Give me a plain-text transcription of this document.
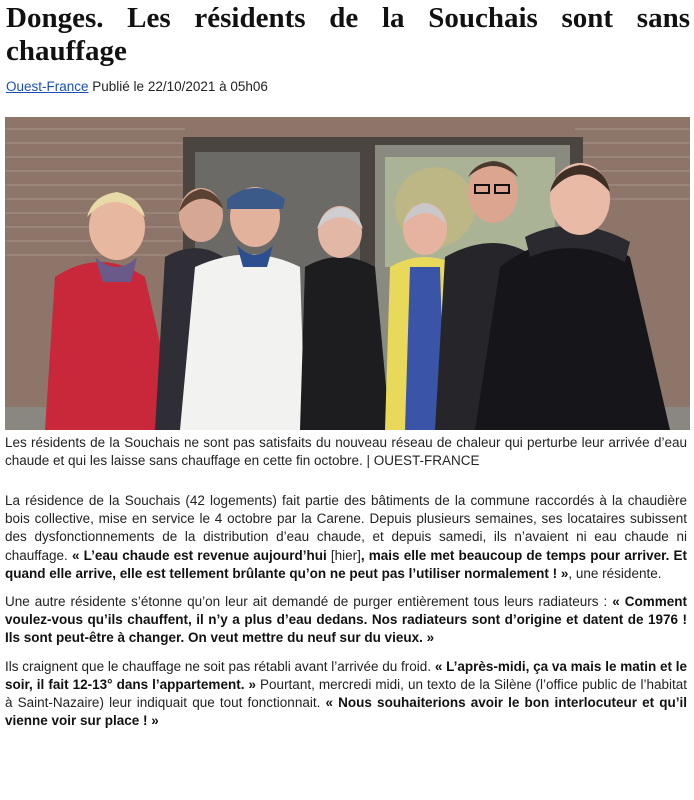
Donges. Les résidents de la Souchais sont sans chauffage

Ouest-France Publié le 22/10/2021 à 05h06

Les résidents de la Souchais ne sont pas satisfaits du nouveau réseau de chaleur qui perturbe leur arrivée d’eau chaude et qui les laisse sans chauffage en cette fin octobre. | OUEST-FRANCE

La résidence de la Souchais (42 logements) fait partie des bâtiments de la commune raccordés à la chaudière bois collective, mise en service le 4 octobre par la Carene. Depuis plusieurs semaines, ses locataires subissent des dysfonctionnements de la distribution d’eau chaude, et depuis samedi, ils n’avaient ni eau chaude ni chauffage. « L’eau chaude est revenue aujourd’hui [hier], mais elle met beaucoup de temps pour arriver. Et quand elle arrive, elle est tellement brûlante qu’on ne peut pas l’utiliser normalement ! », une résidente.

Une autre résidente s’étonne qu’on leur ait demandé de purger entièrement tous leurs radiateurs : « Comment voulez-vous qu’ils chauffent, il n’y a plus d’eau dedans. Nos radiateurs sont d’origine et datent de 1976 ! Ils sont peut-être à changer. On veut mettre du neuf sur du vieux. »

Ils craignent que le chauffage ne soit pas rétabli avant l’arrivée du froid. « L’après-midi, ça va mais le matin et le soir, il fait 12-13° dans l’appartement. » Pourtant, mercredi midi, un texto de la Silène (l’office public de l’habitat à Saint-Nazaire) leur indiquait que tout fonctionnait. « Nous souhaiterions avoir le bon interlocuteur et qu’il vienne voir sur place ! »
